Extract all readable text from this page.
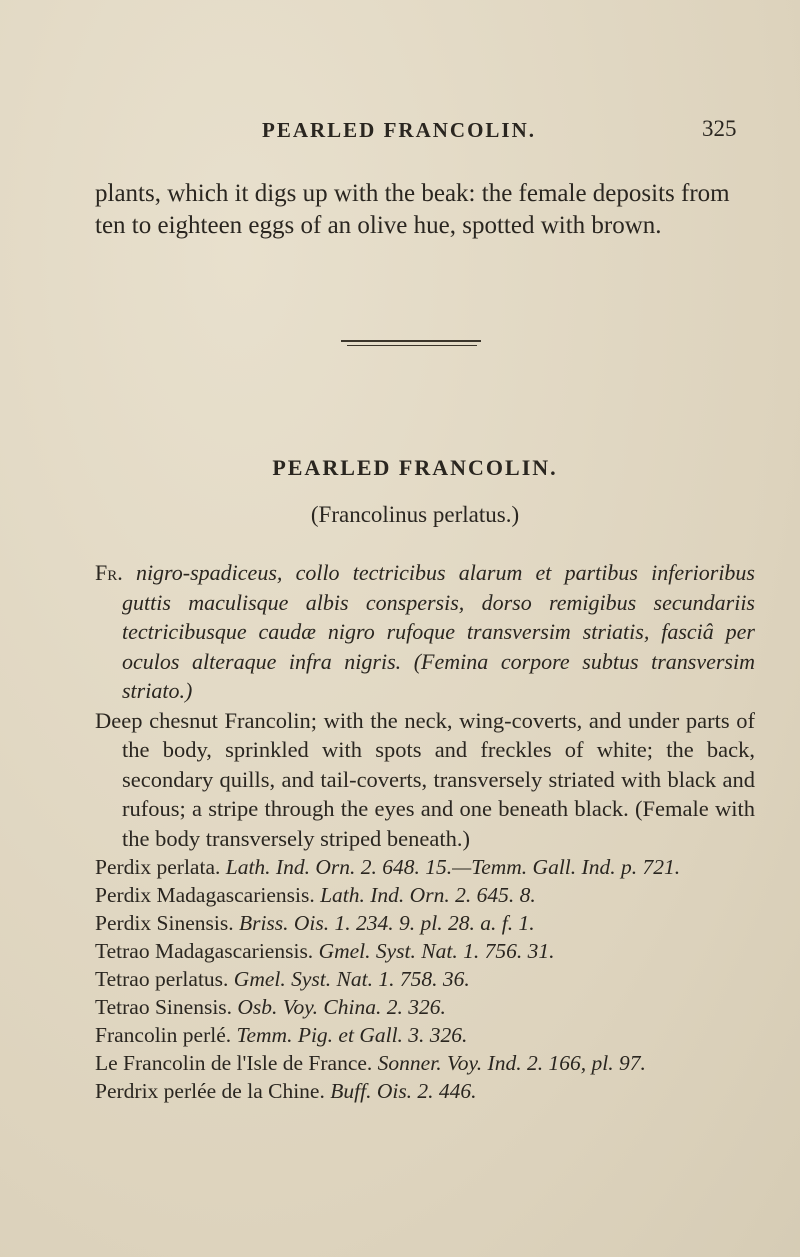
PEARLED FRANCOLIN.	325
plants, which it digs up with the beak: the female deposits from ten to eighteen eggs of an olive hue, spotted with brown.
PEARLED FRANCOLIN.
(Francolinus perlatus.)
Fr. nigro-spadiceus, collo tectricibus alarum et partibus inferioribus guttis maculisque albis conspersis, dorso remigibus secundariis tectricibusque caudæ nigro rufoque transversim striatis, fasciâ per oculos alteraque infra nigris. (Femina corpore subtus transversim striato.)
Deep chesnut Francolin; with the neck, wing-coverts, and under parts of the body, sprinkled with spots and freckles of white; the back, secondary quills, and tail-coverts, transversely striated with black and rufous; a stripe through the eyes and one beneath black. (Female with the body transversely striped beneath.)
Perdix perlata. Lath. Ind. Orn. 2. 648. 15.—Temm. Gall. Ind. p. 721.
Perdix Madagascariensis. Lath. Ind. Orn. 2. 645. 8.
Perdix Sinensis. Briss. Ois. 1. 234. 9. pl. 28. a. f. 1.
Tetrao Madagascariensis. Gmel. Syst. Nat. 1. 756. 31.
Tetrao perlatus. Gmel. Syst. Nat. 1. 758. 36.
Tetrao Sinensis. Osb. Voy. China. 2. 326.
Francolin perlé. Temm. Pig. et Gall. 3. 326.
Le Francolin de l'Isle de France. Sonner. Voy. Ind. 2. 166, pl. 97.
Perdrix perlée de la Chine. Buff. Ois. 2. 446.
